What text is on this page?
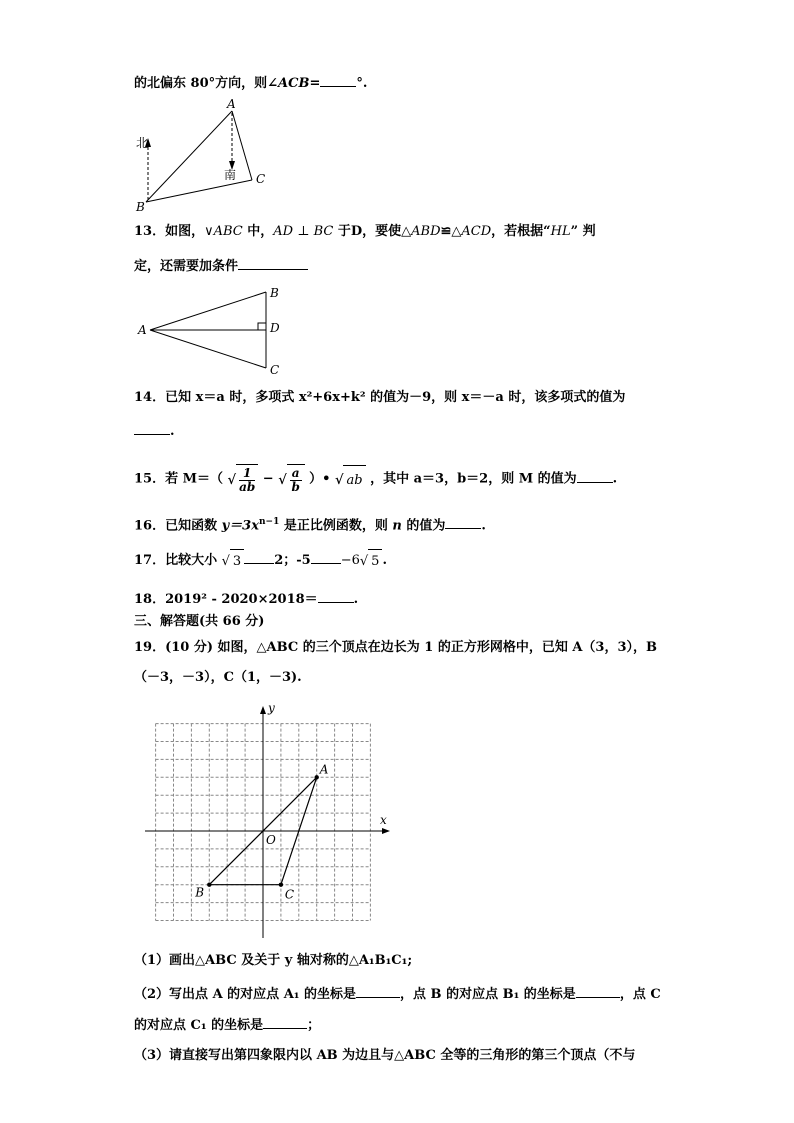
的北偏东 80°方向，则∠ACB=	°.
A
B
C
北
南
13．如图，∨ABC 中，AD ⊥ BC 于D，要使△ABD≌△ACD，若根据“HL” 判
定，还需要加条件
A
B
D
C
14．已知 x＝a 时，多项式 x²+6x+k² 的值为－9，则 x＝－a 时，该多项式的值为
.
15．若 M＝（ √ $\frac{1}{ab}$ − √ $\frac{a}{b}$ ）• √ ab ，其中 a＝3，b＝2，则 M 的值为	.
16．已知函数 $y=3x^{n-1}$ 是正比例函数，则 n 的值为	.
17．比较大小 √ 3	2；-5 −6√ 5 .
18．2019² ‑ 2020×2018＝	.
三、解答题(共 66 分)
19．(10 分) 如图，△ABC 的三个顶点在边长为 1 的正方形网格中，已知 A（3，3），B
（－3，－3），C（1，－3).
x
y
O
A
B	C
（1）画出△ABC 及关于 y 轴对称的△A₁B₁C₁;
（2）写出点 A 的对应点 A₁ 的坐标是	，点 B 的对应点 B₁ 的坐标是	，点 C
的对应点 C₁ 的坐标是	；
（3）请直接写出第四象限内以 AB 为边且与△ABC 全等的三角形的第三个顶点（不与
